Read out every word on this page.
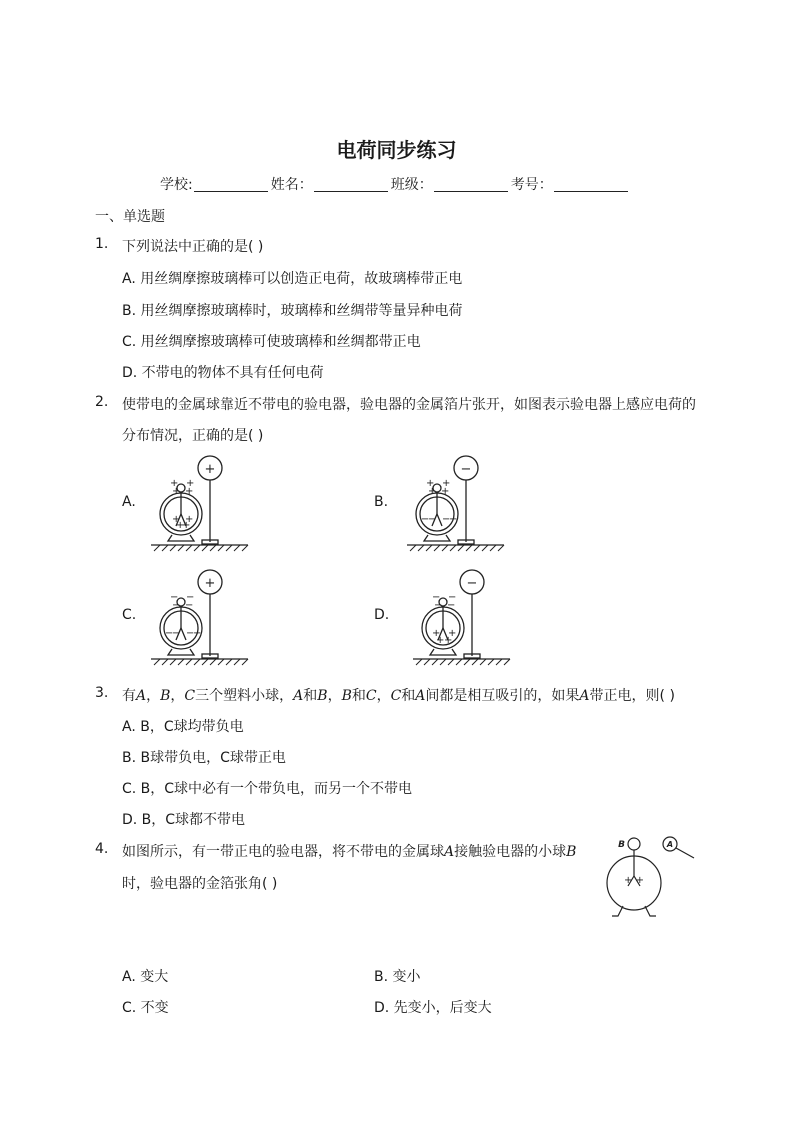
电荷同步练习
学校:	姓名：	班级：	考号：
一、单选题
1. 下列说法中正确的是( )
A. 用丝绸摩擦玻璃棒可以创造正电荷，故玻璃棒带正电
B. 用丝绸摩擦玻璃棒时，玻璃棒和丝绸带等量异种电荷
C. 用丝绸摩擦玻璃棒可使玻璃棒和丝绸都带正电
D. 不带电的物体不具有任何电荷
2. 使带电的金属球靠近不带电的验电器，验电器的金属箔片张开，如图表示验电器上感应电荷的
分布情况，正确的是( )
A.	B.
C.	D.
+
+ +
+ +
+ +
+
+
−
+ +
+ +
−
− −
−
+
− −
− −
−
− −
−
−
− −
− −
+ +
+ +
3. 有A，B，C三个塑料小球，A和B，B和C，C和A间都是相互吸引的，如果A带正电，则( )
A. B，C球均带负电
B. B球带负电，C球带正电
C. B，C球中必有一个带负电，而另一个不带电
D. B，C球都不带电
4. 如图所示，有一带正电的验电器，将不带电的金属球A接触验电器的小球B
时，验电器的金箔张角( )
B	A
+ +
A. 变大	B. 变小
C. 不变	D. 先变小，后变大
